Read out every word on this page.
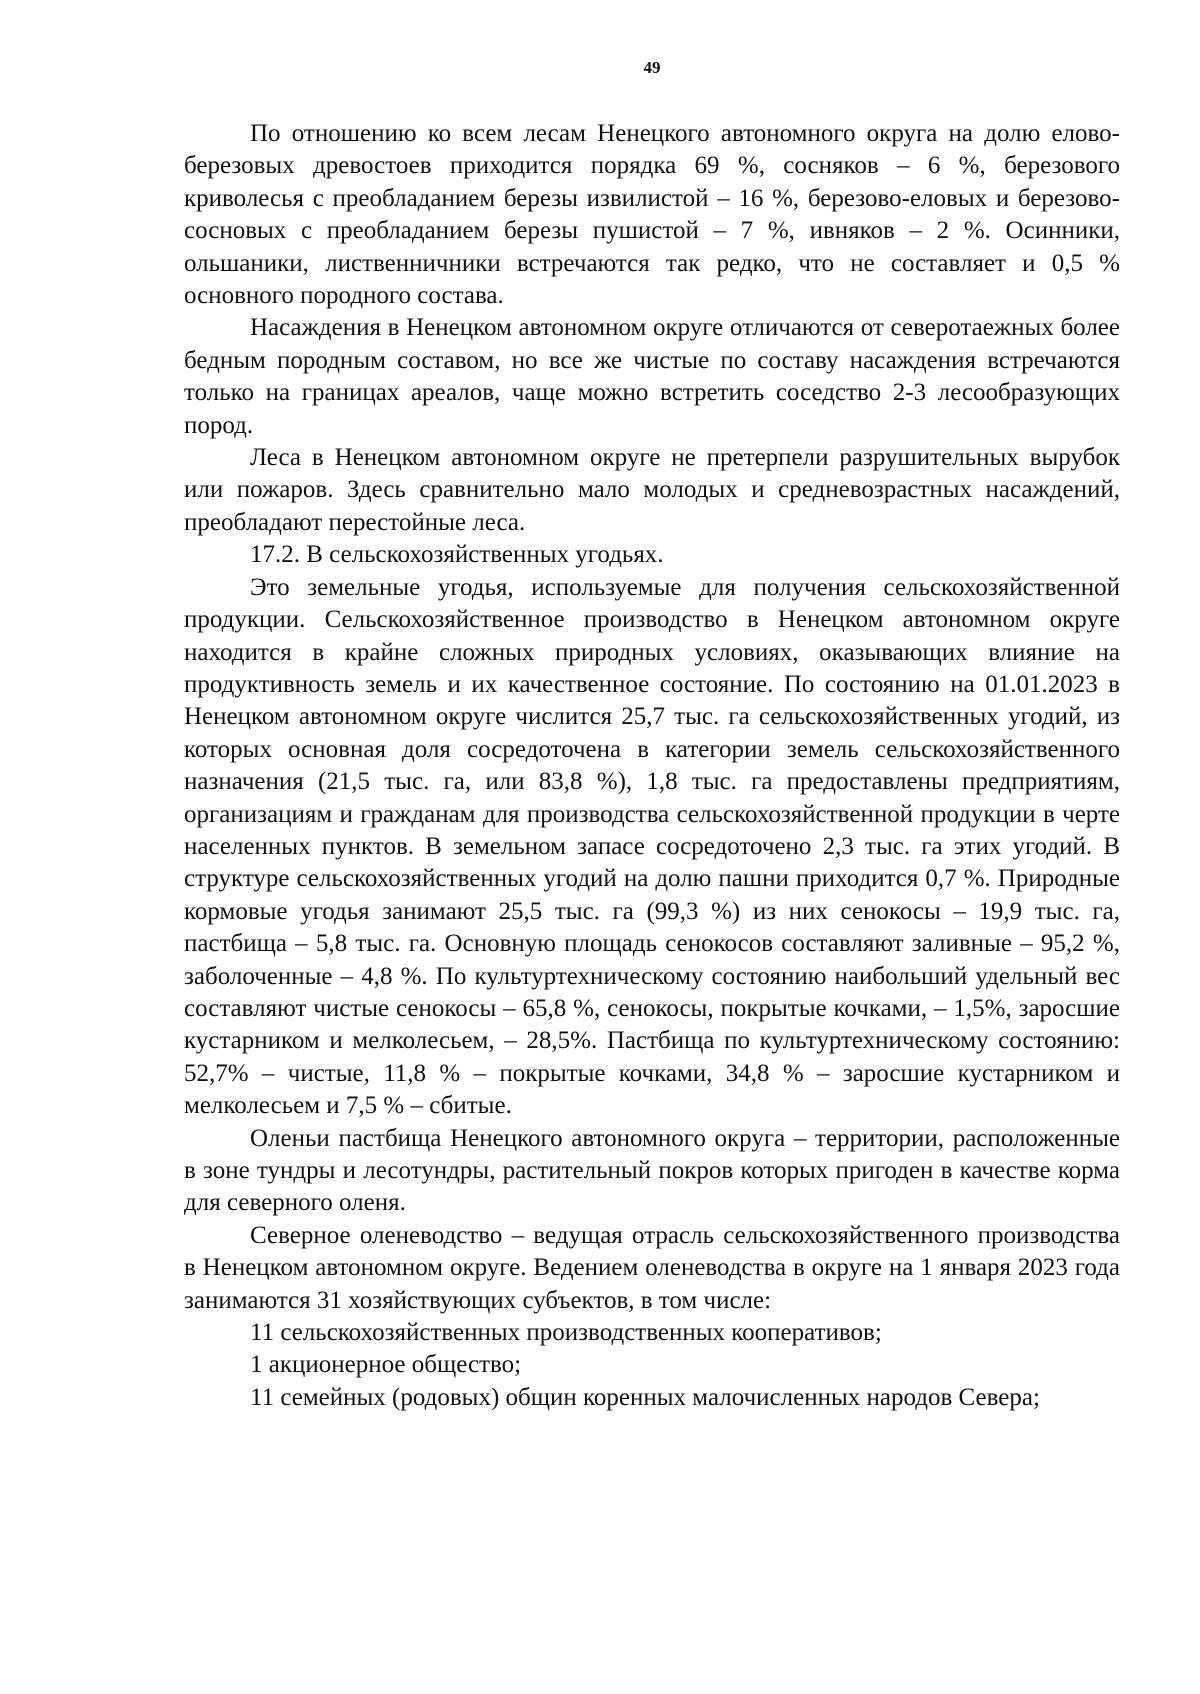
49

По отношению ко всем лесам Ненецкого автономного округа на долю елово-березовых древостоев приходится порядка 69 %, сосняков – 6 %, березового криволесья с преобладанием березы извилистой – 16 %, березово-еловых и березово-сосновых с преобладанием березы пушистой – 7 %, ивняков – 2 %. Осинники, ольшаники, лиственничники встречаются так редко, что не составляет и 0,5 % основного породного состава.

Насаждения в Ненецком автономном округе отличаются от северотаежных более бедным породным составом, но все же чистые по составу насаждения встречаются только на границах ареалов, чаще можно встретить соседство 2-3 лесообразующих пород.

Леса в Ненецком автономном округе не претерпели разрушительных вырубок или пожаров. Здесь сравнительно мало молодых и средневозрастных насаждений, преобладают перестойные леса.

17.2. В сельскохозяйственных угодьях.

Это земельные угодья, используемые для получения сельскохозяйственной продукции. Сельскохозяйственное производство в Ненецком автономном округе находится в крайне сложных природных условиях, оказывающих влияние на продуктивность земель и их качественное состояние. По состоянию на 01.01.2023 в Ненецком автономном округе числится 25,7 тыс. га сельскохозяйственных угодий, из которых основная доля сосредоточена в категории земель сельскохозяйственного назначения (21,5 тыс. га, или 83,8 %), 1,8 тыс. га предоставлены предприятиям, организациям и гражданам для производства сельскохозяйственной продукции в черте населенных пунктов. В земельном запасе сосредоточено 2,3 тыс. га этих угодий. В структуре сельскохозяйственных угодий на долю пашни приходится 0,7 %. Природные кормовые угодья занимают 25,5 тыс. га (99,3 %) из них сенокосы – 19,9 тыс. га, пастбища – 5,8 тыс. га. Основную площадь сенокосов составляют заливные – 95,2 %, заболоченные – 4,8 %. По культуртехническому состоянию наибольший удельный вес составляют чистые сенокосы – 65,8 %, сенокосы, покрытые кочками, – 1,5%, заросшие кустарником и мелколесьем, – 28,5%. Пастбища по культуртехническому состоянию: 52,7% – чистые, 11,8 % – покрытые кочками, 34,8 % – заросшие кустарником и мелколесьем и 7,5 % – сбитые.

Оленьи пастбища Ненецкого автономного округа – территории, расположенные в зоне тундры и лесотундры, растительный покров которых пригоден в качестве корма для северного оленя.

Северное оленеводство – ведущая отрасль сельскохозяйственного производства в Ненецком автономном округе. Ведением оленеводства в округе на 1 января 2023 года занимаются 31 хозяйствующих субъектов, в том числе:

11 сельскохозяйственных производственных кооперативов;

1 акционерное общество;

11 семейных (родовых) общин коренных малочисленных народов Севера;
